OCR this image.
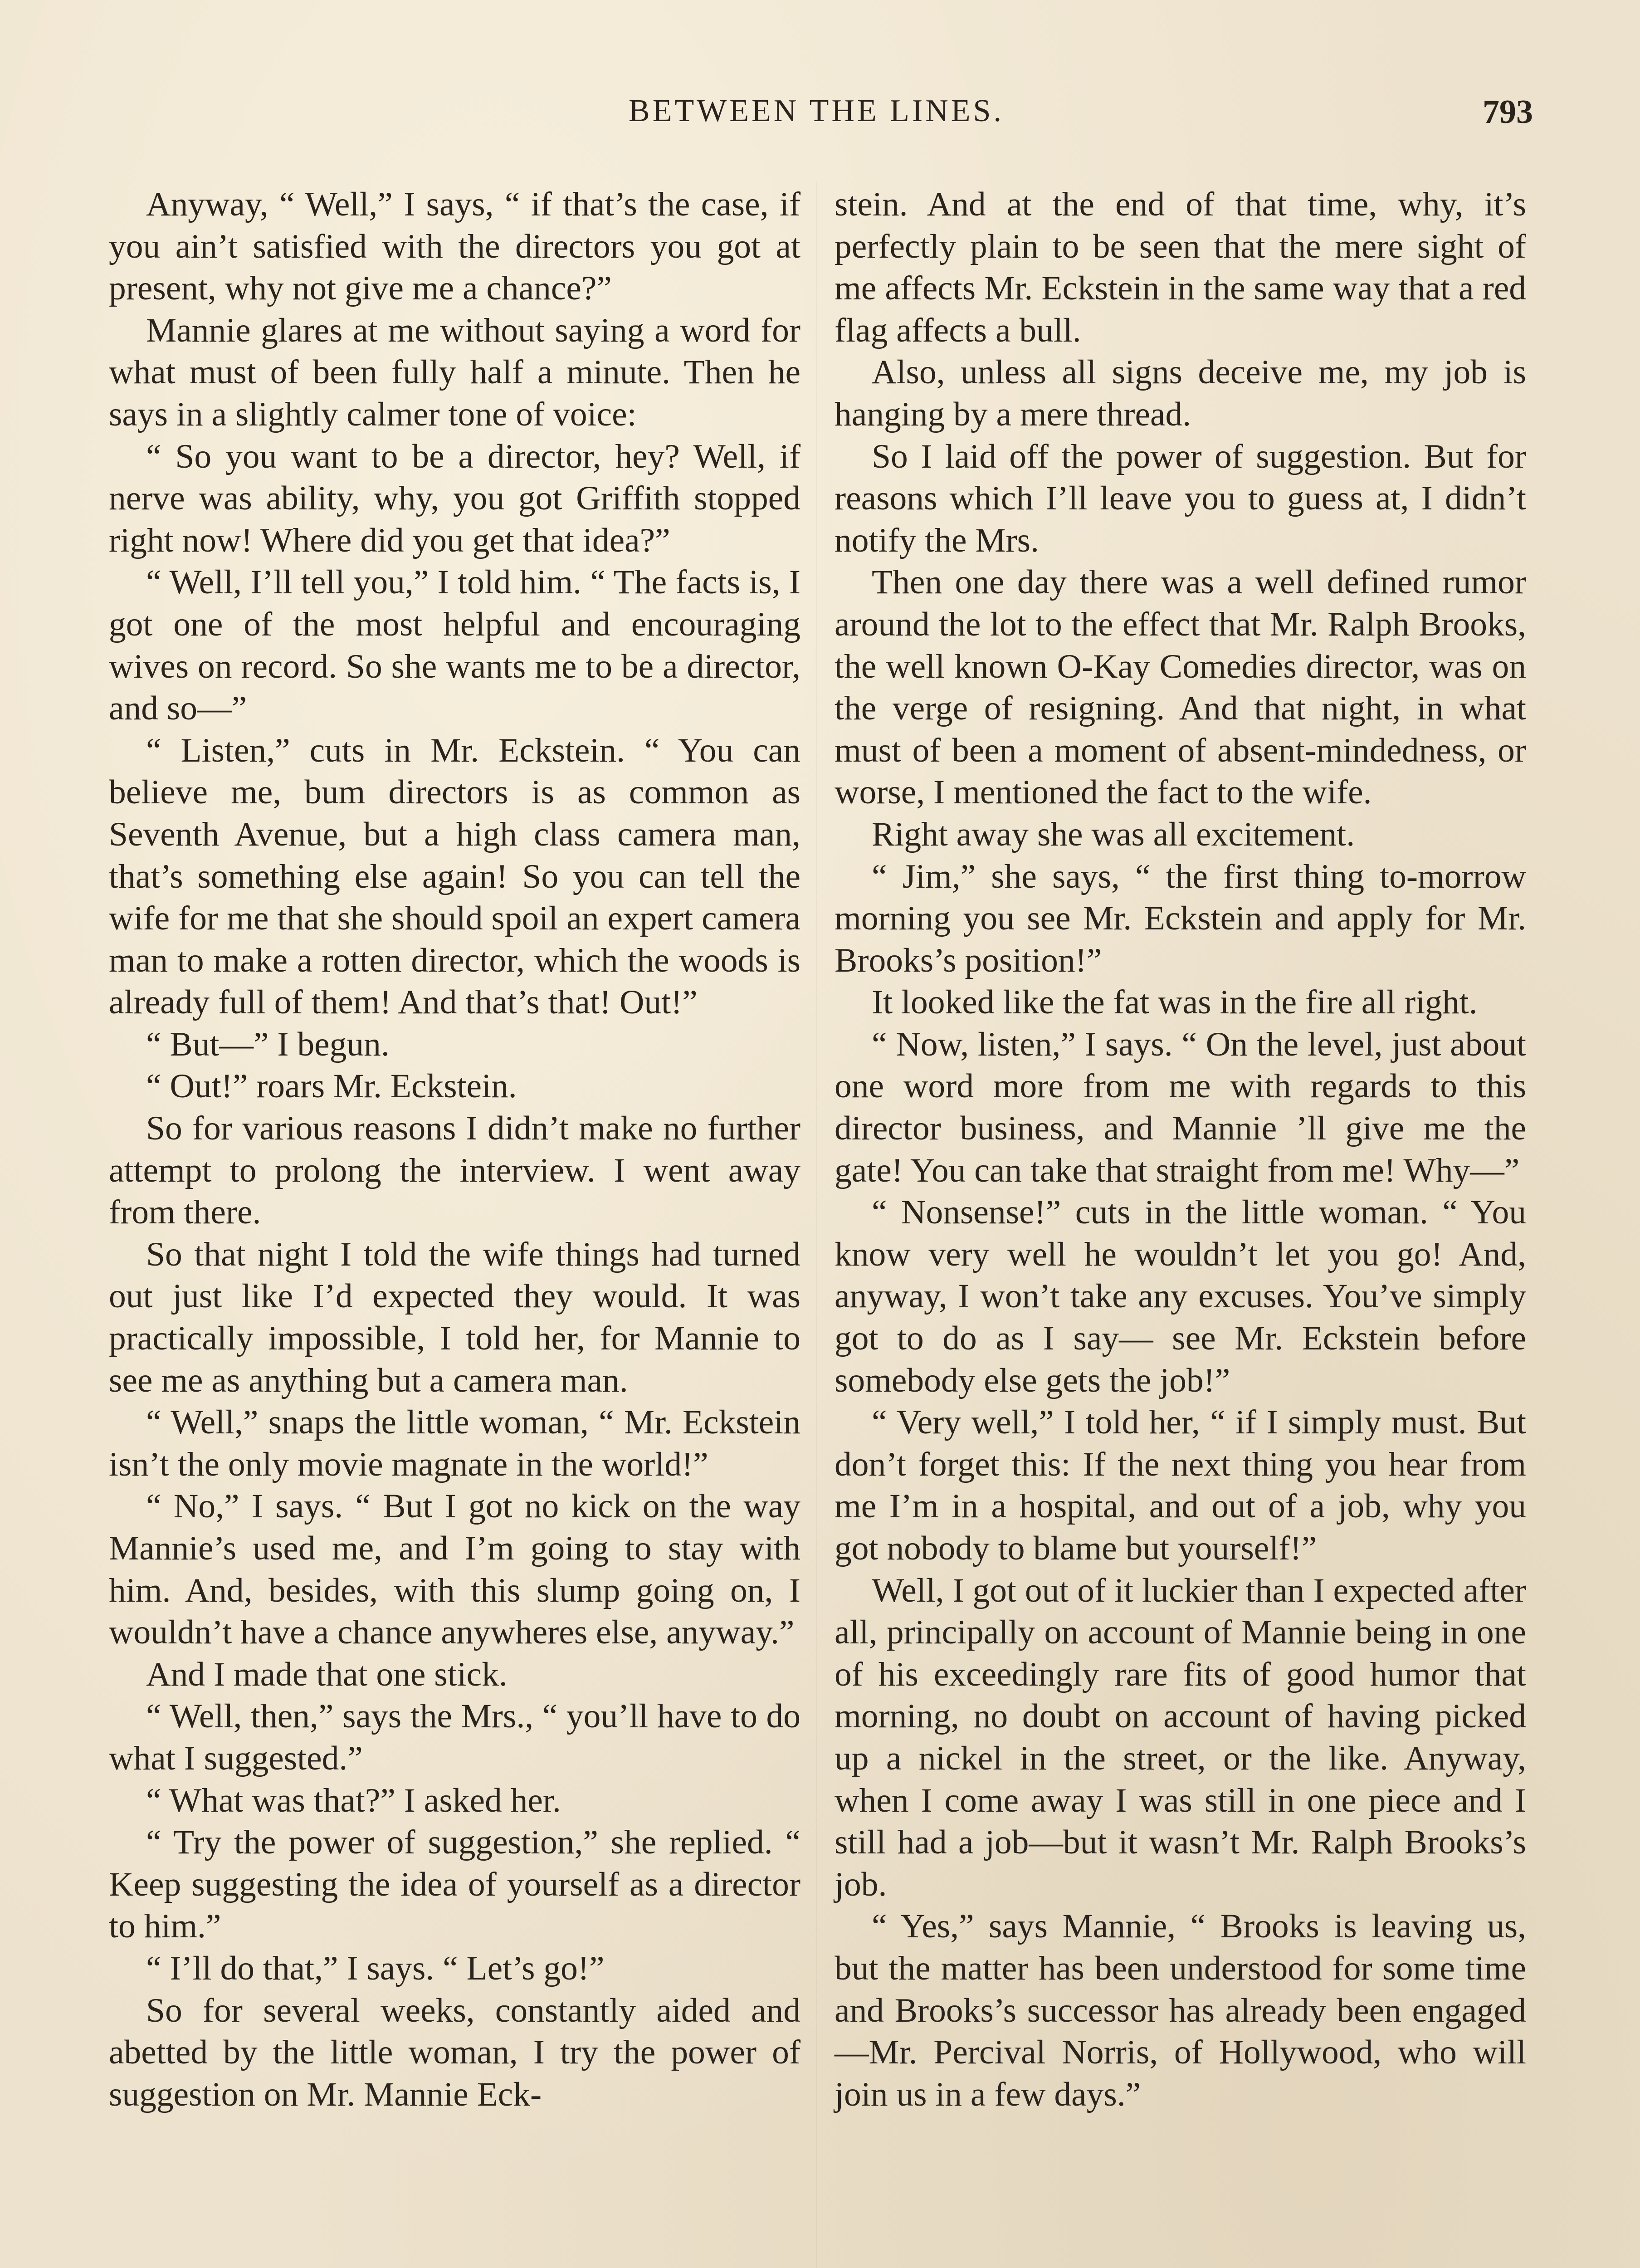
BETWEEN THE LINES.	793

Anyway, “ Well,” I says, “ if that’s the case, if you ain’t satisfied with the directors you got at present, why not give me a chance?”

Mannie glares at me without saying a word for what must of been fully half a minute. Then he says in a slightly calmer tone of voice:

“ So you want to be a director, hey? Well, if nerve was ability, why, you got Griffith stopped right now! Where did you get that idea?”

“ Well, I’ll tell you,” I told him. “ The facts is, I got one of the most helpful and encouraging wives on record. So she wants me to be a director, and so—”

“ Listen,” cuts in Mr. Eckstein. “ You can believe me, bum directors is as common as Seventh Avenue, but a high class camera man, that’s something else again! So you can tell the wife for me that she should spoil an expert camera man to make a rotten director, which the woods is already full of them! And that’s that! Out!”

“ But—” I begun.

“ Out!” roars Mr. Eckstein.

So for various reasons I didn’t make no further attempt to prolong the interview. I went away from there.

So that night I told the wife things had turned out just like I’d expected they would. It was practically impossible, I told her, for Mannie to see me as anything but a camera man.

“ Well,” snaps the little woman, “ Mr. Eckstein isn’t the only movie magnate in the world!”

“ No,” I says. “ But I got no kick on the way Mannie’s used me, and I’m going to stay with him. And, besides, with this slump going on, I wouldn’t have a chance anywheres else, anyway.”

And I made that one stick.

“ Well, then,” says the Mrs., “ you’ll have to do what I suggested.”

“ What was that?” I asked her.

“ Try the power of suggestion,” she replied. “ Keep suggesting the idea of yourself as a director to him.”

“ I’ll do that,” I says. “ Let’s go!”

So for several weeks, constantly aided and abetted by the little woman, I try the power of suggestion on Mr. Mannie Eck-

stein. And at the end of that time, why, it’s perfectly plain to be seen that the mere sight of me affects Mr. Eckstein in the same way that a red flag affects a bull.

Also, unless all signs deceive me, my job is hanging by a mere thread.

So I laid off the power of suggestion. But for reasons which I’ll leave you to guess at, I didn’t notify the Mrs.

Then one day there was a well defined rumor around the lot to the effect that Mr. Ralph Brooks, the well known O-Kay Comedies director, was on the verge of resigning. And that night, in what must of been a moment of absent-mindedness, or worse, I mentioned the fact to the wife.

Right away she was all excitement.

“ Jim,” she says, “ the first thing to-morrow morning you see Mr. Eckstein and apply for Mr. Brooks’s position!”

It looked like the fat was in the fire all right.

“ Now, listen,” I says. “ On the level, just about one word more from me with regards to this director business, and Mannie ’ll give me the gate! You can take that straight from me! Why—”

“ Nonsense!” cuts in the little woman. “ You know very well he wouldn’t let you go! And, anyway, I won’t take any excuses. You’ve simply got to do as I say— see Mr. Eckstein before somebody else gets the job!”

“ Very well,” I told her, “ if I simply must. But don’t forget this: If the next thing you hear from me I’m in a hospital, and out of a job, why you got nobody to blame but yourself!”

Well, I got out of it luckier than I expected after all, principally on account of Mannie being in one of his exceedingly rare fits of good humor that morning, no doubt on account of having picked up a nickel in the street, or the like. Anyway, when I come away I was still in one piece and I still had a job—but it wasn’t Mr. Ralph Brooks’s job.

“ Yes,” says Mannie, “ Brooks is leaving us, but the matter has been understood for some time and Brooks’s successor has already been engaged—Mr. Percival Norris, of Hollywood, who will join us in a few days.”
